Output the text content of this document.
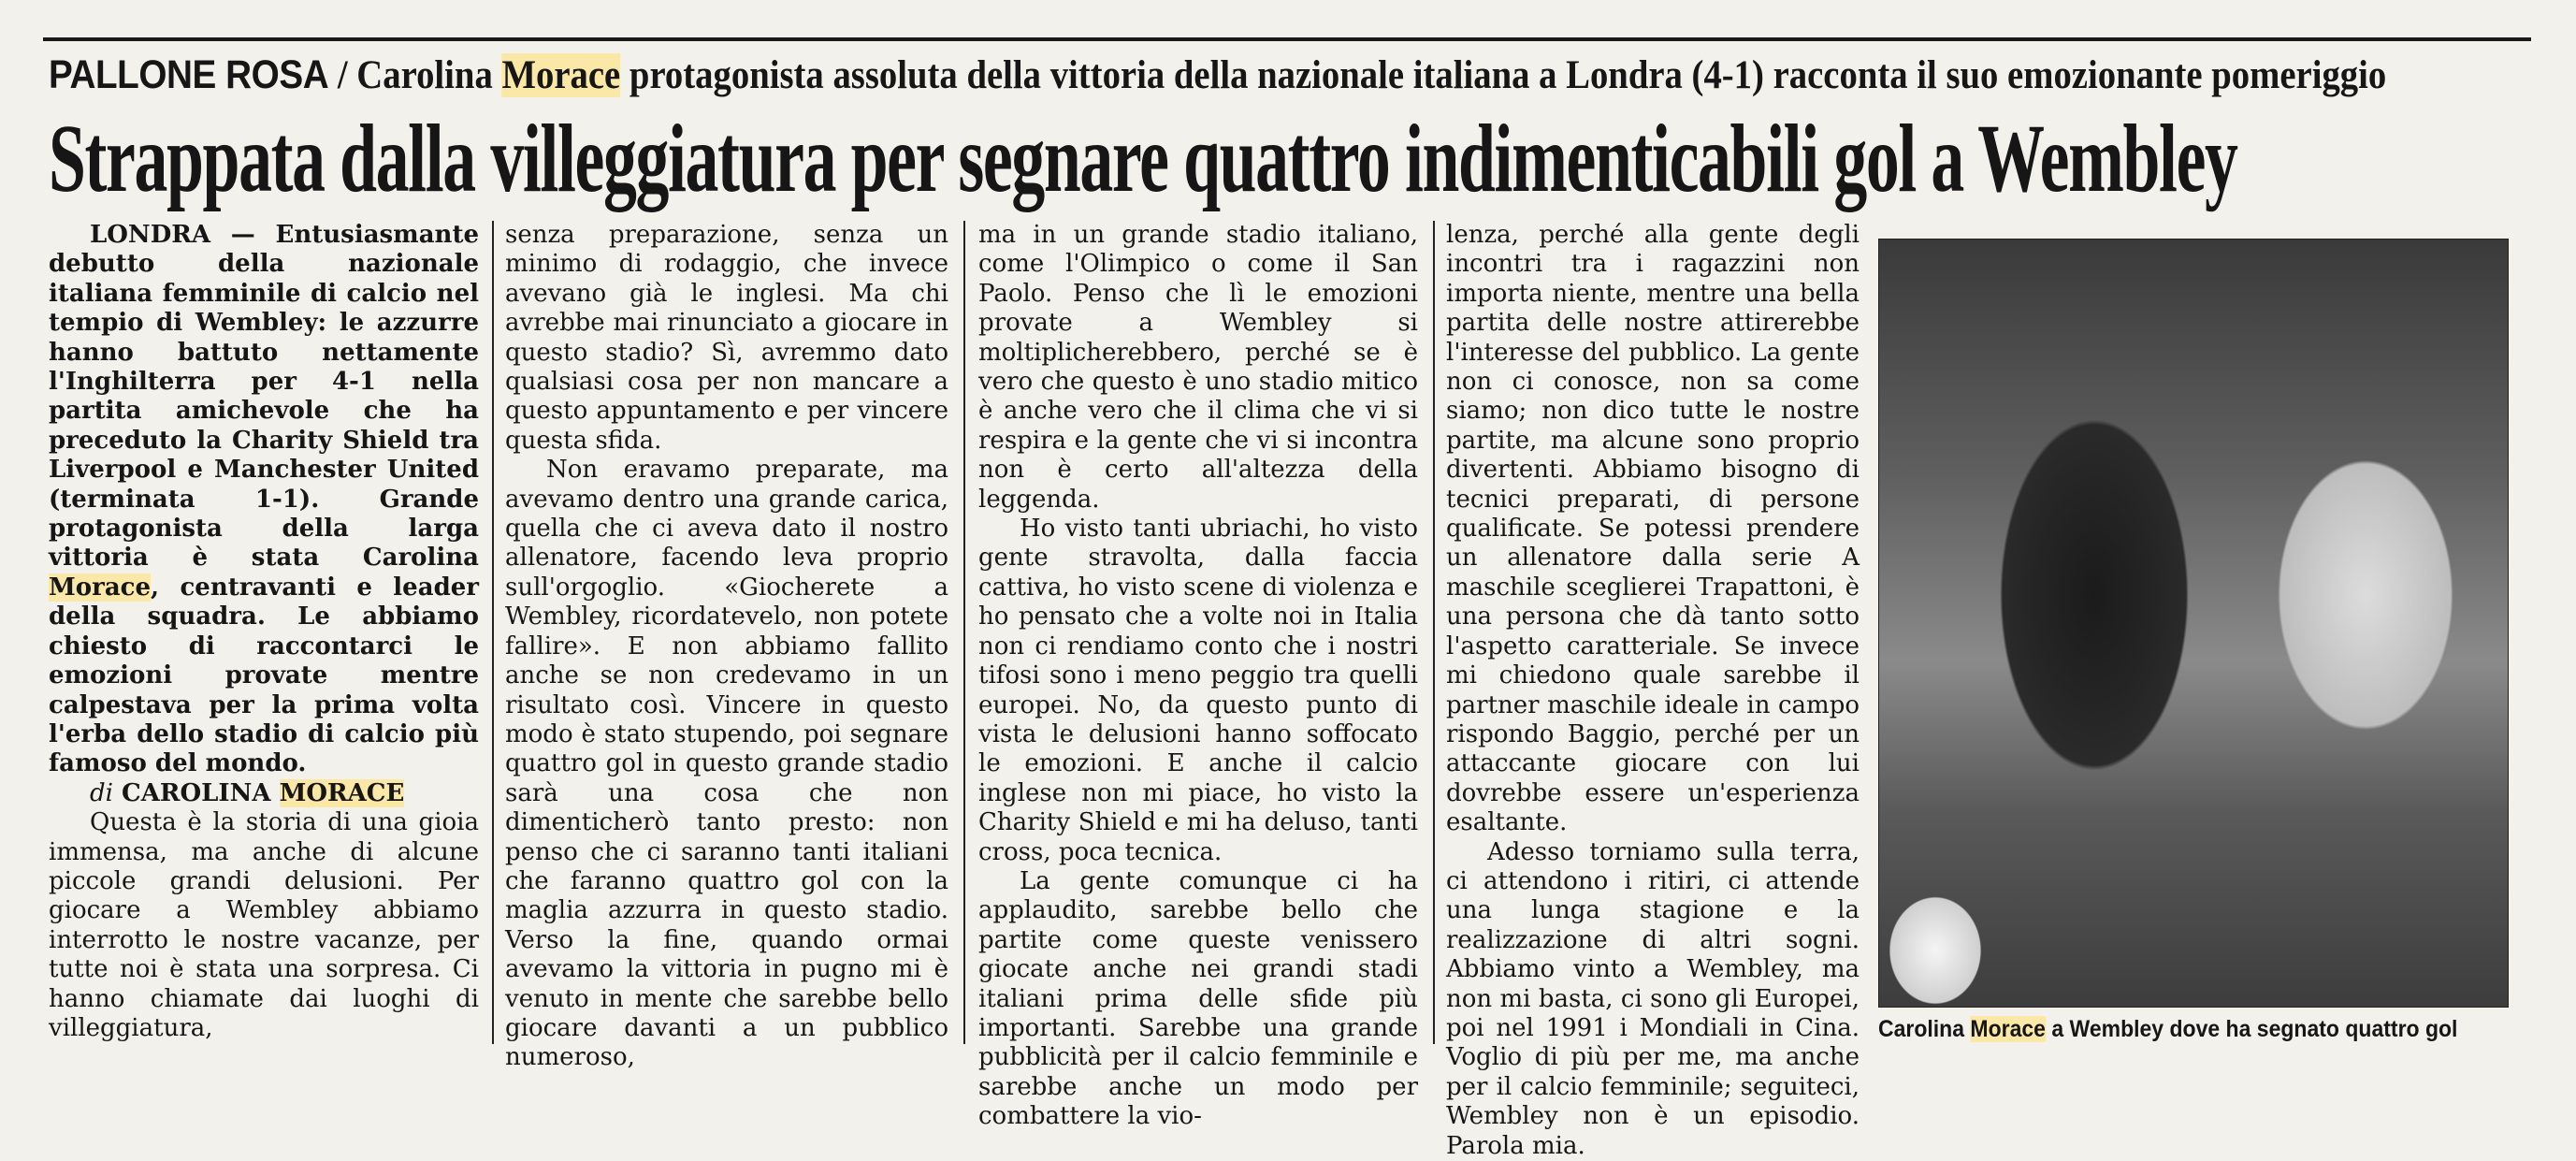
PALLONE ROSA / Carolina Morace protagonista assoluta della vittoria della nazionale italiana a Londra (4-1) racconta il suo emozionante pomeriggio
Strappata dalla villeggiatura per segnare quattro indimenticabili gol a Wembley

LONDRA — Entusiasmante debutto della nazionale italiana femminile di calcio nel tempio di Wembley: le azzurre hanno battuto nettamente l'Inghilterra per 4-1 nella partita amichevole che ha preceduto la Charity Shield tra Liverpool e Manchester United (terminata 1-1). Grande protagonista della larga vittoria è stata Carolina Morace, centravanti e leader della squadra. Le abbiamo chiesto di raccontarci le emozioni provate mentre calpestava per la prima volta l'erba dello stadio di calcio più famoso del mondo.

di CAROLINA MORACE

Questa è la storia di una gioia immensa, ma anche di alcune piccole grandi delusioni. Per giocare a Wembley abbiamo interrotto le nostre vacanze, per tutte noi è stata una sorpresa. Ci hanno chiamate dai luoghi di villeggiatura,

senza preparazione, senza un minimo di rodaggio, che invece avevano già le inglesi. Ma chi avrebbe mai rinunciato a giocare in questo stadio? Sì, avremmo dato qualsiasi cosa per non mancare a questo appuntamento e per vincere questa sfida.

Non eravamo preparate, ma avevamo dentro una grande carica, quella che ci aveva dato il nostro allenatore, facendo leva proprio sull'orgoglio. «Giocherete a Wembley, ricordatevelo, non potete fallire». E non abbiamo fallito anche se non credevamo in un risultato così. Vincere in questo modo è stato stupendo, poi segnare quattro gol in questo grande stadio sarà una cosa che non dimenticherò tanto presto: non penso che ci saranno tanti italiani che faranno quattro gol con la maglia azzurra in questo stadio. Verso la fine, quando ormai avevamo la vittoria in pugno mi è venuto in mente che sarebbe bello giocare davanti a un pubblico numeroso,

ma in un grande stadio italiano, come l'Olimpico o come il San Paolo. Penso che lì le emozioni provate a Wembley si moltiplicherebbero, perché se è vero che questo è uno stadio mitico è anche vero che il clima che vi si respira e la gente che vi si incontra non è certo all'altezza della leggenda.

Ho visto tanti ubriachi, ho visto gente stravolta, dalla faccia cattiva, ho visto scene di violenza e ho pensato che a volte noi in Italia non ci rendiamo conto che i nostri tifosi sono i meno peggio tra quelli europei. No, da questo punto di vista le delusioni hanno soffocato le emozioni. E anche il calcio inglese non mi piace, ho visto la Charity Shield e mi ha deluso, tanti cross, poca tecnica.

La gente comunque ci ha applaudito, sarebbe bello che partite come queste venissero giocate anche nei grandi stadi italiani prima delle sfide più importanti. Sarebbe una grande pubblicità per il calcio femminile e sarebbe anche un modo per combattere la vio-

lenza, perché alla gente degli incontri tra i ragazzini non importa niente, mentre una bella partita delle nostre attirerebbe l'interesse del pubblico. La gente non ci conosce, non sa come siamo; non dico tutte le nostre partite, ma alcune sono proprio divertenti. Abbiamo bisogno di tecnici preparati, di persone qualificate. Se potessi prendere un allenatore dalla serie A maschile sceglierei Trapattoni, è una persona che dà tanto sotto l'aspetto caratteriale. Se invece mi chiedono quale sarebbe il partner maschile ideale in campo rispondo Baggio, perché per un attaccante giocare con lui dovrebbe essere un'esperienza esaltante.

Adesso torniamo sulla terra, ci attendono i ritiri, ci attende una lunga stagione e la realizzazione di altri sogni. Abbiamo vinto a Wembley, ma non mi basta, ci sono gli Europei, poi nel 1991 i Mondiali in Cina. Voglio di più per me, ma anche per il calcio femminile; seguiteci, Wembley non è un episodio. Parola mia.

Carolina Morace a Wembley dove ha segnato quattro gol
